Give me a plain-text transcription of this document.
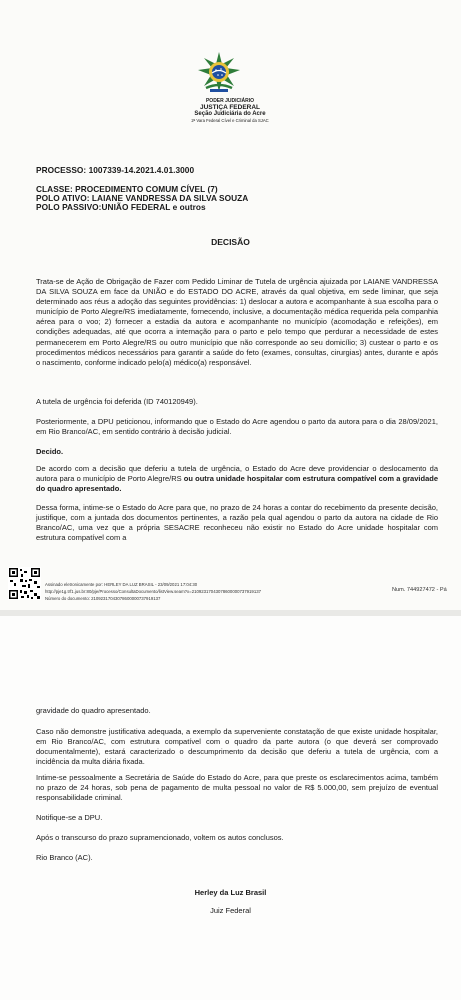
PODER JUDICIÁRIO
JUSTIÇA FEDERAL
Seção Judiciária do Acre
2ª Vara Federal Cível e Criminal da SJAC
PROCESSO: 1007339-14.2021.4.01.3000
CLASSE: PROCEDIMENTO COMUM CÍVEL (7)
POLO ATIVO: LAIANE VANDRESSA DA SILVA SOUZA
POLO PASSIVO:UNIÃO FEDERAL e outros
DECISÃO

Trata-se de Ação de Obrigação de Fazer com Pedido Liminar de Tutela de urgência ajuizada por LAIANE VANDRESSA DA SILVA SOUZA em face da UNIÃO e do ESTADO DO ACRE, através da qual objetiva, em sede liminar, que seja determinado aos réus a adoção das seguintes providências: 1) deslocar a autora e acompanhante à sua escolha para o município de Porto Alegre/RS imediatamente, fornecendo, inclusive, a documentação médica requerida pela companhia aérea para o voo; 2) fornecer a estadia da autora e acompanhante no município (acomodação e refeições), em condições adequadas, até que ocorra a internação para o parto e pelo tempo que perdurar a necessidade de estes permanecerem em Porto Alegre/RS ou outro município que não corresponde ao seu domicílio; 3) custear o parto e os procedimentos médicos necessários para garantir a saúde do feto (exames, consultas, cirurgias) antes, durante e após o nascimento, conforme indicado pelo(a) médico(a) responsável.

A tutela de urgência foi deferida (ID 740120949).

Posteriormente, a DPU peticionou, informando que o Estado do Acre agendou o parto da autora para o dia 28/09/2021, em Rio Branco/AC, em sentido contrário à decisão judicial.

Decido.

De acordo com a decisão que deferiu a tutela de urgência, o Estado do Acre deve providenciar o deslocamento da autora para o município de Porto Alegre/RS ou outra unidade hospitalar com estrutura compatível com a gravidade do quadro apresentado.

Dessa forma, intime-se o Estado do Acre para que, no prazo de 24 horas a contar do recebimento da presente decisão, justifique, com a juntada dos documentos pertinentes, a razão pela qual agendou o parto da autora na cidade de Rio Branco/AC, uma vez que a própria SESACRE reconheceu não existir no Estado do Acre unidade hospitalar com estrutura compatível com a

Assinado eletronicamente por: HERLEY DA LUZ BRASIL - 23/09/2021 17:04:30
http://pje1g.trf1.jus.br:80/pje/Processo/ConsultaDocumento/listView.seam?x=21092317043078600000737919137
Número do documento: 21092317043078600000737919137
Num. 744927472 - Pá

gravidade do quadro apresentado.

Caso não demonstre justificativa adequada, a exemplo da superveniente constatação de que existe unidade hospitalar, em Rio Branco/AC, com estrutura compatível com o quadro da parte autora (o que deverá ser comprovado documentalmente), estará caracterizado o descumprimento da decisão que deferiu a tutela de urgência, com a incidência da multa diária fixada.

Intime-se pessoalmente a Secretária de Saúde do Estado do Acre, para que preste os esclarecimentos acima, também no prazo de 24 horas, sob pena de pagamento de multa pessoal no valor de R$ 5.000,00, sem prejuízo de eventual responsabilidade criminal.

Notifique-se a DPU.

Após o transcurso do prazo supramencionado, voltem os autos conclusos.

Rio Branco (AC).

Herley da Luz Brasil
Juiz Federal
